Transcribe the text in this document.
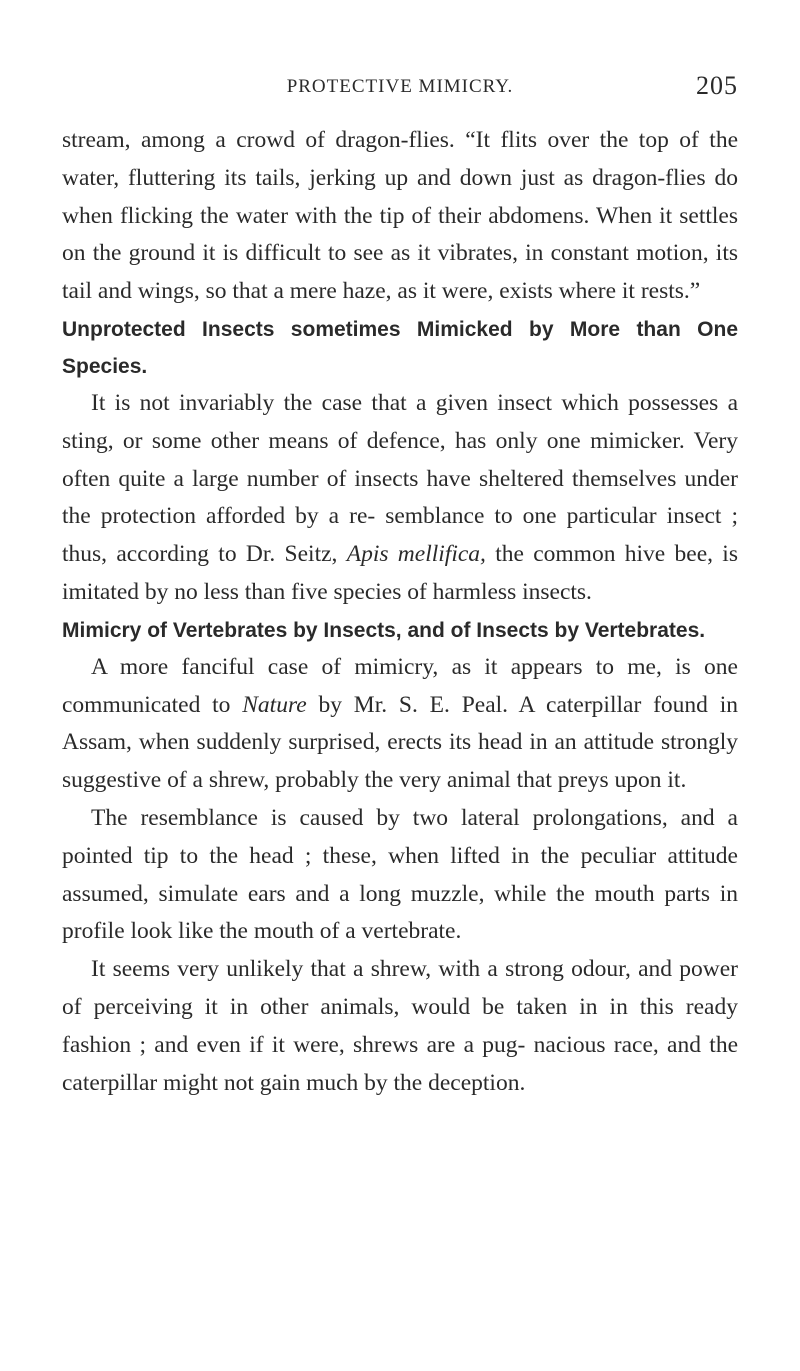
PROTECTIVE MIMICRY.	205

stream, among a crowd of dragon-flies. “It flits over the top of the water, fluttering its tails, jerking up and down just as dragon-flies do when flicking the water with the tip of their abdomens. When it settles on the ground it is difficult to see as it vibrates, in constant motion, its tail and wings, so that a mere haze, as it were, exists where it rests.”

Unprotected Insects sometimes Mimicked by More than One Species.

It is not invariably the case that a given insect which possesses a sting, or some other means of defence, has only one mimicker. Very often quite a large number of insects have sheltered themselves under the protection afforded by a re- semblance to one particular insect ; thus, according to Dr. Seitz, Apis mellifica, the common hive bee, is imitated by no less than five species of harmless insects.

Mimicry of Vertebrates by Insects, and of Insects by Vertebrates.

A more fanciful case of mimicry, as it appears to me, is one communicated to Nature by Mr. S. E. Peal. A caterpillar found in Assam, when suddenly surprised, erects its head in an attitude strongly suggestive of a shrew, probably the very animal that preys upon it.

The resemblance is caused by two lateral prolongations, and a pointed tip to the head ; these, when lifted in the peculiar attitude assumed, simulate ears and a long muzzle, while the mouth parts in profile look like the mouth of a vertebrate.

It seems very unlikely that a shrew, with a strong odour, and power of perceiving it in other animals, would be taken in in this ready fashion ; and even if it were, shrews are a pug- nacious race, and the caterpillar might not gain much by the deception.
